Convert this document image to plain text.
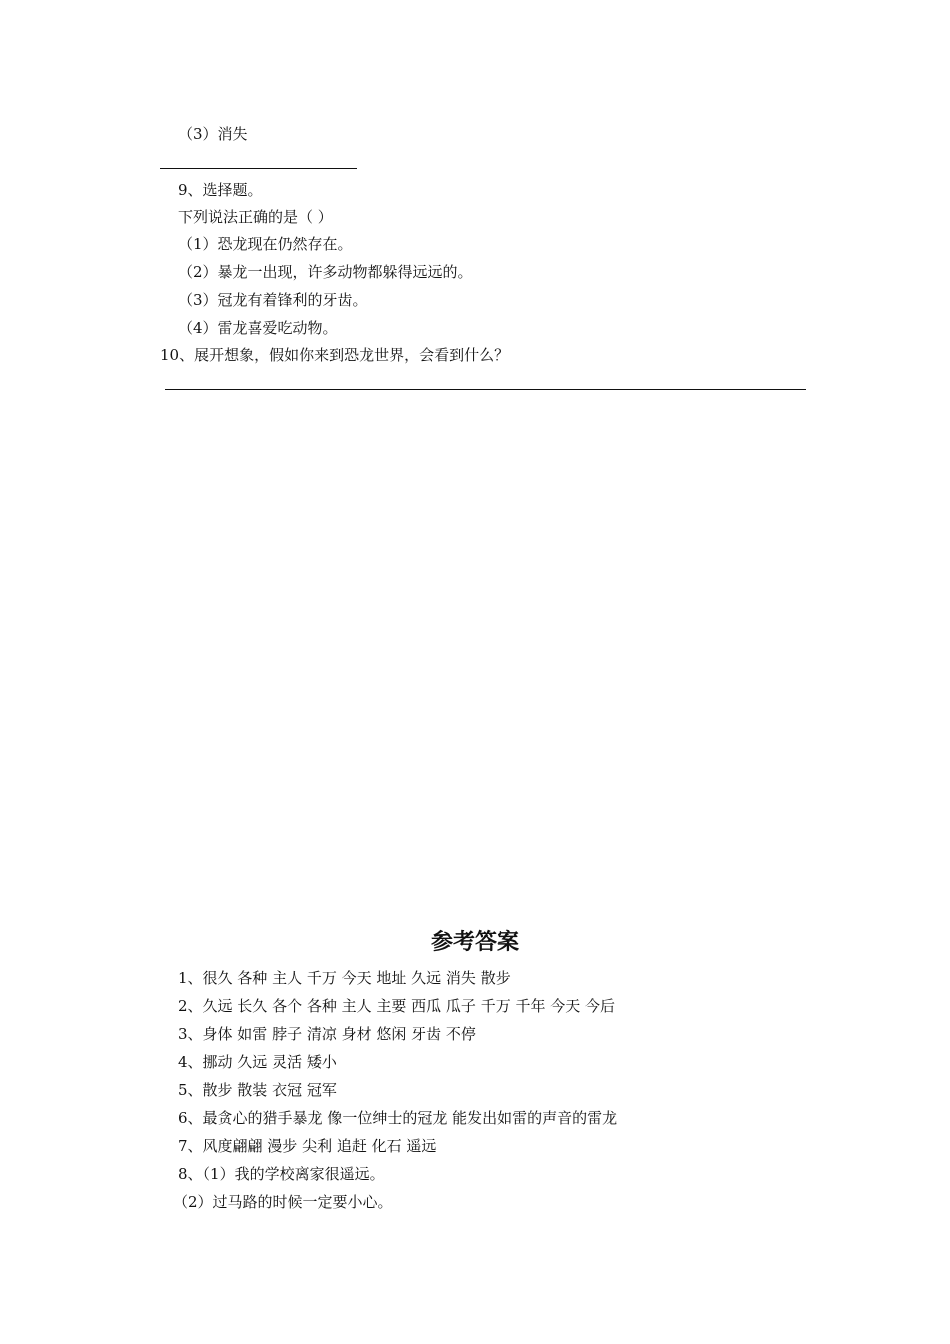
（3）消失
9、选择题。
下列说法正确的是（ ）
（1）恐龙现在仍然存在。
（2）暴龙一出现，许多动物都躲得远远的。
（3）冠龙有着锋利的牙齿。
（4）雷龙喜爱吃动物。
10、展开想象，假如你来到恐龙世界，会看到什么？
参考答案
1、很久 各种 主人 千万 今天 地址 久远 消失 散步
2、久远 长久 各个 各种 主人 主要 西瓜 瓜子 千万 千年 今天 今后
3、身体 如雷 脖子 清凉 身材 悠闲 牙齿 不停
4、挪动 久远 灵活 矮小
5、散步 散装 衣冠 冠军
6、最贪心的猎手暴龙 像一位绅士的冠龙 能发出如雷的声音的雷龙
7、风度翩翩 漫步 尖利 追赶 化石 遥远
8、（1）我的学校离家很遥远。
（2）过马路的时候一定要小心。
